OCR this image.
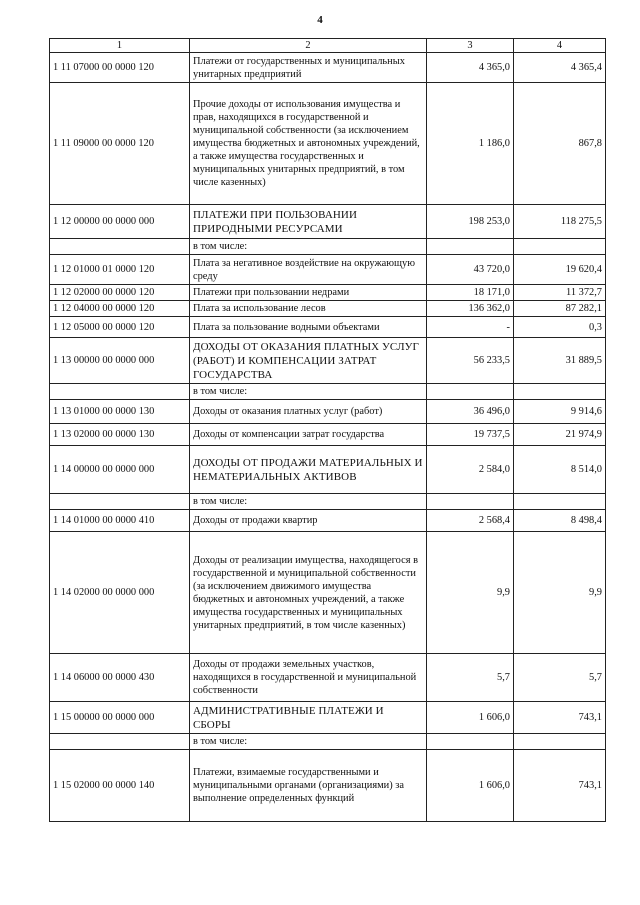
4
1	2	3	4
1 11 07000 00 0000 120	Платежи от государственных и муниципальных унитарных предприятий	4 365,0	4 365,4
1 11 09000 00 0000 120	Прочие доходы от использования имущества и прав, находящихся в государственной и муниципальной собственности (за исключением имущества бюджетных и автономных учреждений, а также имущества государственных и муниципальных унитарных предприятий, в том числе казенных)	1 186,0	867,8
1 12 00000 00 0000 000	ПЛАТЕЖИ ПРИ ПОЛЬЗОВАНИИ ПРИРОДНЫМИ РЕСУРСАМИ	198 253,0	118 275,5
	в том числе:		
1 12 01000 01 0000 120	Плата за негативное воздействие на окружающую среду	43 720,0	19 620,4
1 12 02000 00 0000 120	Платежи при пользовании недрами	18 171,0	11 372,7
1 12 04000 00 0000 120	Плата за использование лесов	136 362,0	87 282,1
1 12 05000 00 0000 120	Плата за пользование водными объектами	-	0,3
1 13 00000 00 0000 000	ДОХОДЫ ОТ ОКАЗАНИЯ ПЛАТНЫХ УСЛУГ (РАБОТ) И КОМПЕНСАЦИИ ЗАТРАТ ГОСУДАРСТВА	56 233,5	31 889,5
	в том числе:		
1 13 01000 00 0000 130	Доходы от оказания платных услуг (работ)	36 496,0	9 914,6
1 13 02000 00 0000 130	Доходы от компенсации затрат государства	19 737,5	21 974,9
1 14 00000 00 0000 000	ДОХОДЫ ОТ ПРОДАЖИ МАТЕРИАЛЬНЫХ И НЕМАТЕРИАЛЬНЫХ АКТИВОВ	2 584,0	8 514,0
	в том числе:		
1 14 01000 00 0000 410	Доходы от продажи квартир	2 568,4	8 498,4
1 14 02000 00 0000 000	Доходы от реализации имущества, находящегося в государственной и муниципальной собственности (за исключением движимого имущества бюджетных и автономных учреждений, а также имущества государственных и муниципальных унитарных предприятий, в том числе казенных)	9,9	9,9
1 14 06000 00 0000 430	Доходы от продажи земельных участков, находящихся в государственной и муниципальной собственности	5,7	5,7
1 15 00000 00 0000 000	АДМИНИСТРАТИВНЫЕ ПЛАТЕЖИ И СБОРЫ	1 606,0	743,1
	в том числе:		
1 15 02000 00 0000 140	Платежи, взимаемые государственными и муниципальными органами (организациями) за выполнение определенных функций	1 606,0	743,1
